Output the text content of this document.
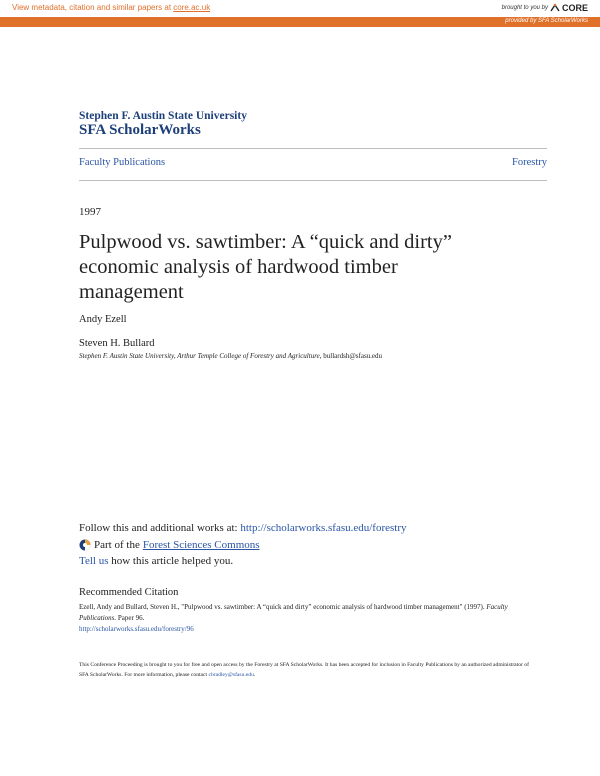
View metadata, citation and similar papers at core.ac.uk	brought to you by CORE
provided by SFA ScholarWorks
Stephen F. Austin State University
SFA ScholarWorks
Faculty Publications	Forestry
1997
Pulpwood vs. sawtimber: A “quick and dirty” economic analysis of hardwood timber management
Andy Ezell
Steven H. Bullard
Stephen F. Austin State University, Arthur Temple College of Forestry and Agriculture, bullardsh@sfasu.edu
Follow this and additional works at: http://scholarworks.sfasu.edu/forestry
Part of the Forest Sciences Commons
Tell us how this article helped you.
Recommended Citation
Ezell, Andy and Bullard, Steven H., "Pulpwood vs. sawtimber: A “quick and dirty” economic analysis of hardwood timber management" (1997). Faculty Publications. Paper 96.
http://scholarworks.sfasu.edu/forestry/96
This Conference Proceeding is brought to you for free and open access by the Forestry at SFA ScholarWorks. It has been accepted for inclusion in Faculty Publications by an authorized administrator of SFA ScholarWorks. For more information, please contact cbradley@sfasu.edu.
